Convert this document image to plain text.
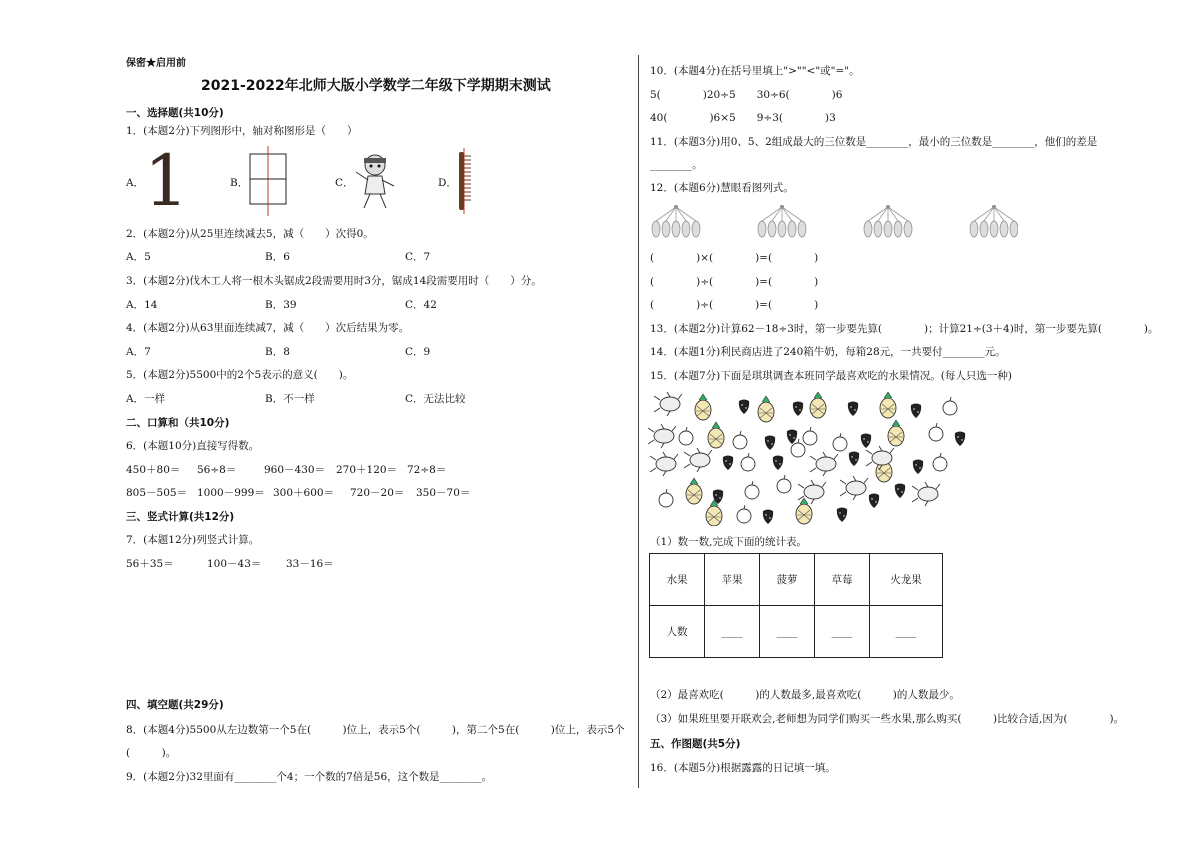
保密★启用前
2021-2022年北师大版小学数学二年级下学期期末测试
一、选择题(共10分)
1．(本题2分)下列图形中，轴对称图形是（　　）
A． 1	B．	C．	D．
2．(本题2分)从25里连续减去5，减（　　）次得0。
A．5	B．6	C．7
3．(本题2分)伐木工人将一根木头锯成2段需要用时3分，锯成14段需要用时（　　）分。
A．14	B．39	C．42
4．(本题2分)从63里面连续减7，减（　　）次后结果为零。
A．7	B．8	C．9
5．(本题2分)5500中的2个5表示的意义(　　)。
A．一样	B．不一样	C．无法比较
二、口算和（共10分)
6．(本题10分)直接写得数。
450＋80＝ 56÷8＝	960－430＝ 270＋120＝ 72÷8＝
805－505＝ 1000－999＝ 300＋600＝ 720－20＝ 350－70＝
三、竖式计算(共12分)
7．(本题12分)列竖式计算。
56＋35＝	100－43＝ 33－16＝
四、填空题(共29分)
8．(本题4分)5500从左边数第一个5在(　　　)位上，表示5个(　　　)，第二个5在(　　　)位上，表示5个
(　　　)。
9．(本题2分)32里面有________个4；一个数的7倍是56，这个数是________。
10．(本题4分)在括号里填上">""<"或"="。
5(　　　　)20÷5　　30÷6(　　　　)6
40(　　　　)6×5　　9÷3(　　　　)3
11．(本题3分)用0、5、2组成最大的三位数是________，最小的三位数是________，他们的差是
________。
12．(本题6分)慧眼看图列式。
(　　　　)×(　　　　)=(　　　　)
(　　　　)÷(　　　　)=(　　　　)
(　　　　)÷(　　　　)=(　　　　)
13．(本题2分)计算62－18÷3时，第一步要先算(　　　　)；计算21÷(3＋4)时，第一步要先算(　　　　)。
14．(本题1分)利民商店进了240箱牛奶，每箱28元，一共要付________元。
15．(本题7分)下面是琪琪调查本班同学最喜欢吃的水果情况。(每人只选一种)
（1）数一数,完成下面的统计表。
水果	苹果	菠萝	草莓	火龙果
人数	____	____	____	____
（2）最喜欢吃(　　　)的人数最多,最喜欢吃(　　　)的人数最少。
（3）如果班里要开联欢会,老师想为同学们购买一些水果,那么购买(　　　)比较合适,因为(　　　　)。
五、作图题(共5分)
16．(本题5分)根据露露的日记填一填。
